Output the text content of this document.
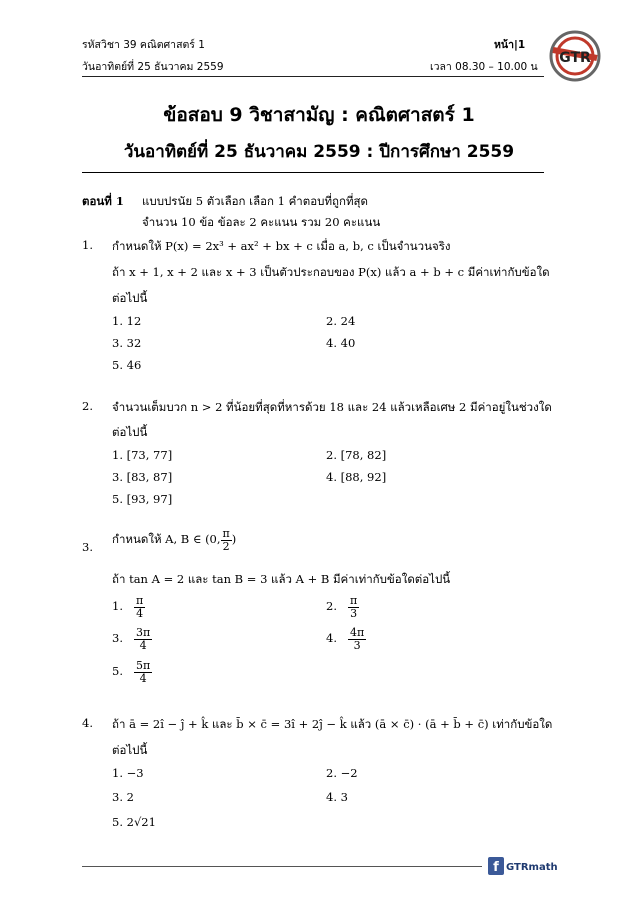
รหัสวิชา 39 คณิตศาสตร์ 1
วันอาทิตย์ที่ 25 ธันวาคม 2559
หน้า|1
เวลา 08.30 – 10.00 น
GTR
ข้อสอบ 9 วิชาสามัญ : คณิตศาสตร์ 1
วันอาทิตย์ที่ 25 ธันวาคม 2559 : ปีการศึกษา 2559
ตอนที่ 1 แบบปรนัย 5 ตัวเลือก เลือก 1 คำตอบที่ถูกที่สุด
จำนวน 10 ข้อ ข้อละ 2 คะแนน รวม 20 คะแนน
1. กำหนดให้ P(x) = 2x³ + ax² + bx + c เมื่อ a, b, c เป็นจำนวนจริง
ถ้า x + 1, x + 2 และ x + 3 เป็นตัวประกอบของ P(x) แล้ว a + b + c มีค่าเท่ากับข้อใด
ต่อไปนี้
1. 12	2. 24
3. 32	4. 40
5. 46
2. จำนวนเต็มบวก n > 2 ที่น้อยที่สุดที่หารด้วย 18 และ 24 แล้วเหลือเศษ 2 มีค่าอยู่ในช่วงใด
ต่อไปนี้
1. [73, 77]	2. [78, 82]
3. [83, 87]	4. [88, 92]
5. [93, 97]
3.
กำหนดให้ A, B ∈ (0, $\frac{\pi}{2}$ )
ถ้า tan A = 2 และ tan B = 3 แล้ว A + B มีค่าเท่ากับข้อใดต่อไปนี้
1. $\frac{\pi}{4}$	2. $\frac{\pi}{3}$
3. $\frac{3\pi}{4}$	4. $\frac{4\pi}{3}$
5. $\frac{5\pi}{4}$
4. ถ้า ā = 2î − ĵ + k̂ และ b̄ × c̄ = 3î + 2ĵ − k̂ แล้ว (ā × c̄) · (ā + b̄ + c̄) เท่ากับข้อใด
ต่อไปนี้
1. −3	2. −2
3. 2	4. 3
5. 2√21
f GTRmath
